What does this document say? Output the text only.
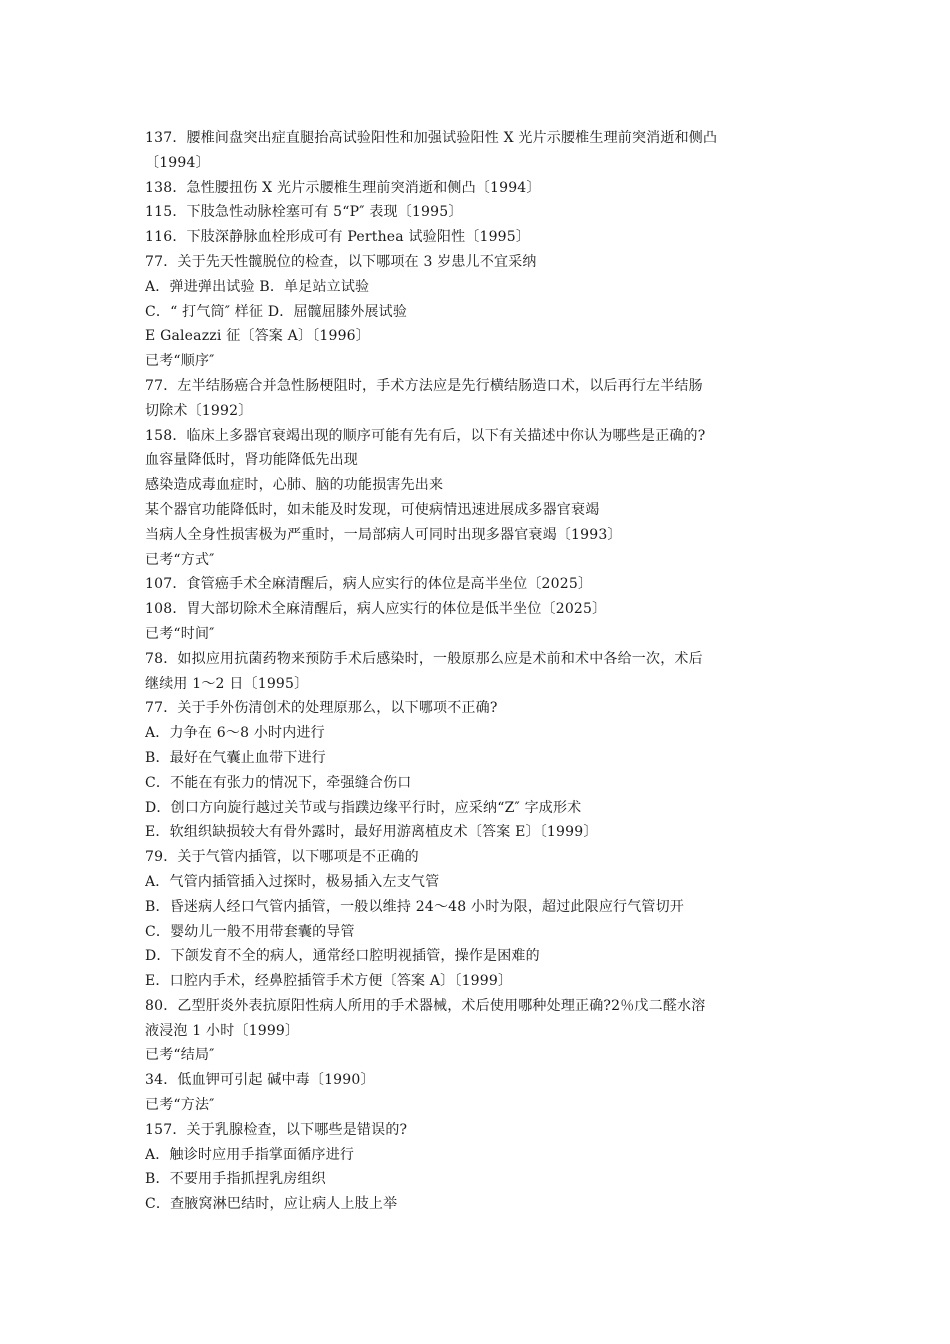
137．腰椎间盘突出症直腿抬高试验阳性和加强试验阳性 X 光片示腰椎生理前突消逝和侧凸
〔1994〕
138．急性腰扭伤 X 光片示腰椎生理前突消逝和侧凸〔1994〕
115．下肢急性动脉栓塞可有 5“P″ 表现〔1995〕
116．下肢深静脉血栓形成可有 Perthea 试验阳性〔1995〕
77．关于先天性髋脱位的检查，以下哪项在 3 岁患儿不宜采纳
A．弹进弹出试验 B．单足站立试验
C．“ 打气筒″ 样征 D．屈髋屈膝外展试验
E Galeazzi 征〔答案 A〕〔1996〕
已考“顺序″
77．左半结肠癌合并急性肠梗阻时，手术方法应是先行横结肠造口术，以后再行左半结肠
切除术〔1992〕
158．临床上多器官衰竭出现的顺序可能有先有后，以下有关描述中你认为哪些是正确的?
血容量降低时，肾功能降低先出现
感染造成毒血症时，心肺、脑的功能损害先出来
某个器官功能降低时，如未能及时发现，可使病情迅速进展成多器官衰竭
当病人全身性损害极为严重时，一局部病人可同时出现多器官衰竭〔1993〕
已考“方式″
107．食管癌手术全麻清醒后，病人应实行的体位是高半坐位〔2025〕
108．胃大部切除术全麻清醒后，病人应实行的体位是低半坐位〔2025〕
已考“时间″
78．如拟应用抗菌药物来预防手术后感染时，一般原那么应是术前和术中各给一次，术后
继续用 1～2 日〔1995〕
77．关于手外伤清创术的处理原那么，以下哪项不正确?
A．力争在 6～8 小时内进行
B．最好在气囊止血带下进行
C．不能在有张力的情况下，牵强缝合伤口
D．创口方向旋行越过关节或与指蹼边缘平行时，应采纳“Z″ 字成形术
E．软组织缺损较大有骨外露时，最好用游离植皮术〔答案 E〕〔1999〕
79．关于气管内插管，以下哪项是不正确的
A．气管内插管插入过探时，极易插入左支气管
B．昏迷病人经口气管内插管，一般以维持 24～48 小时为限，超过此限应行气管切开
C．婴幼儿一般不用带套囊的导管
D．下颌发育不全的病人，通常经口腔明视插管，操作是困难的
E．口腔内手术，经鼻腔插管手术方便〔答案 A〕〔1999〕
80．乙型肝炎外表抗原阳性病人所用的手术器械，术后使用哪种处理正确?2％戊二醛水溶
液浸泡 1 小时〔1999〕
已考“结局″
34．低血钾可引起 碱中毒〔1990〕
已考“方法″
157．关于乳腺检查，以下哪些是错误的?
A．触诊时应用手指掌面循序进行
B．不要用手指抓捏乳房组织
C．查腋窝淋巴结时，应让病人上肢上举
